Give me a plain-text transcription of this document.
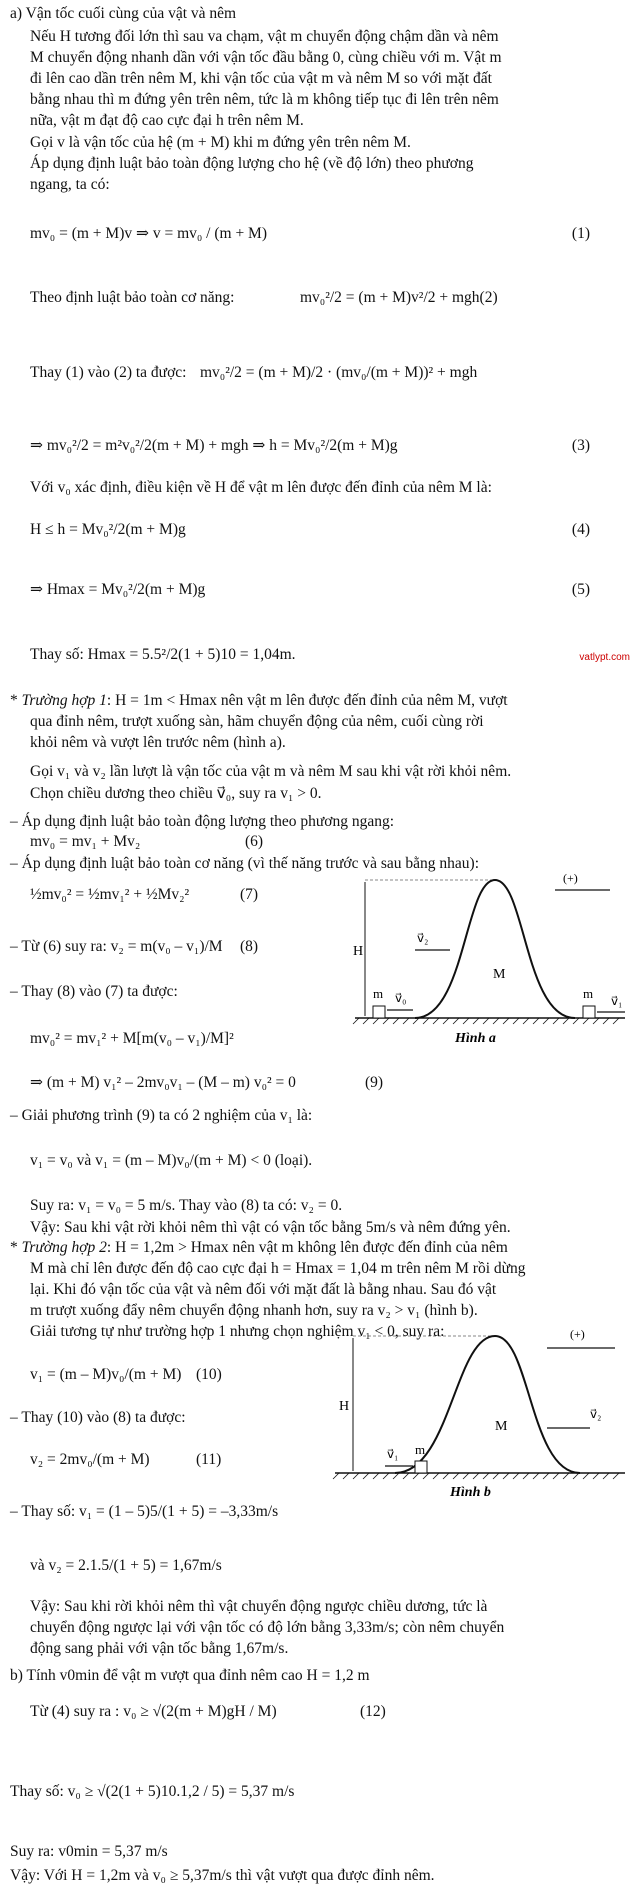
a) Vận tốc cuối cùng của vật và nêm
Nếu H tương đối lớn thì sau va chạm, vật m chuyển động chậm dần và nêm
M chuyển động nhanh dần với vận tốc đầu bằng 0, cùng chiều với m. Vật m
đi lên cao dần trên nêm M, khi vận tốc của vật m và nêm M so với mặt đất
bằng nhau thì m đứng yên trên nêm, tức là m không tiếp tục đi lên trên nêm
nữa, vật m đạt độ cao cực đại h trên nêm M.
Gọi v là vận tốc của hệ (m + M) khi m đứng yên trên nêm M.
Áp dụng định luật bảo toàn động lượng cho hệ (về độ lớn) theo phương
ngang, ta có:
mv₀ = (m + M)v ⇒ v = mv₀ / (m + M)	(1)
Theo định luật bảo toàn cơ năng:	mv₀²/2 = (m + M)v²/2 + mgh(2)
Thay (1) vào (2) ta được: mv₀²/2 = (m + M)/2 · (mv₀/(m + M))² + mgh
⇒ mv₀²/2 = m²v₀²/2(m + M) + mgh ⇒ h = Mv₀²/2(m + M)g	(3)
Với v₀ xác định, điều kiện về H để vật m lên được đến đỉnh của nêm M là:
H ≤ h = Mv₀²/2(m + M)g	(4)
⇒ Hmax = Mv₀²/2(m + M)g	(5)
Thay số: Hmax = 5.5²/2(1 + 5)10 = 1,04m.
* Trường hợp 1: H = 1m < Hmax nên vật m lên được đến đỉnh của nêm M, vượt
qua đỉnh nêm, trượt xuống sàn, hãm chuyển động của nêm, cuối cùng rời
khỏi nêm và vượt lên trước nêm (hình a).
Gọi v₁ và v₂ lần lượt là vận tốc của vật m và nêm M sau khi vật rời khỏi nêm.
Chọn chiều dương theo chiều v⃗₀, suy ra v₁ > 0.
– Áp dụng định luật bảo toàn động lượng theo phương ngang:
mv₀ = mv₁ + Mv₂	(6)
– Áp dụng định luật bảo toàn cơ năng (vì thế năng trước và sau bằng nhau):
½mv₀² = ½mv₁² + ½Mv₂²	(7)
– Từ (6) suy ra: v₂ = m(v₀ – v₁)/M	(8)
– Thay (8) vào (7) ta được:
mv₀² = mv₁² + M[m(v₀ – v₁)/M]²
⇒ (m + M) v₁² – 2mv₀v₁ – (M – m) v₀² = 0	(9)
– Giải phương trình (9) ta có 2 nghiệm của v₁ là:
v₁ = v₀ và v₁ = (m – M)v₀/(m + M) < 0 (loại).
Suy ra: v₁ = v₀ = 5 m/s. Thay vào (8) ta có: v₂ = 0.
Vậy: Sau khi vật rời khỏi nêm thì vật có vận tốc bằng 5m/s và nêm đứng yên.
* Trường hợp 2: H = 1,2m > Hmax nên vật m không lên được đến đỉnh của nêm
M mà chỉ lên được đến độ cao cực đại h = Hmax = 1,04 m trên nêm M rồi dừng
lại. Khi đó vận tốc của vật và nêm đối với mặt đất là bằng nhau. Sau đó vật
m trượt xuống đẩy nêm chuyển động nhanh hơn, suy ra v₂ > v₁ (hình b).
Giải tương tự như trường hợp 1 nhưng chọn nghiệm v₁ < 0, suy ra:
v₁ = (m – M)v₀/(m + M) (10)
– Thay (10) vào (8) ta được:
v₂ = 2mv₀/(m + M)	(11)
– Thay số: v₁ = (1 – 5)5/(1 + 5) = –3,33m/s
và v₂ = 2.1.5/(1 + 5) = 1,67m/s
Vậy: Sau khi rời khỏi nêm thì vật chuyển động ngược chiều dương, tức là
chuyển động ngược lại với vận tốc có độ lớn bằng 3,33m/s; còn nêm chuyển
động sang phải với vận tốc bằng 1,67m/s.
b) Tính v0min để vật m vượt qua đỉnh nêm cao H = 1,2 m
Từ (4) suy ra : v₀ ≥ √(2(m + M)gH / M)	(12)
Thay số: v₀ ≥ √(2(1 + 5)10.1,2 / 5) = 5,37 m/s
Suy ra: v0min = 5,37 m/s
Vậy: Với H = 1,2m và v₀ ≥ 5,37m/s thì vật vượt qua được đỉnh nêm.
vatlypt.com
H
M
m v⃗₀	m v⃗₁
v⃗₂
(+)
Hình a
H
M
m
v⃗₁
v⃗₂
(+)
Hình b
